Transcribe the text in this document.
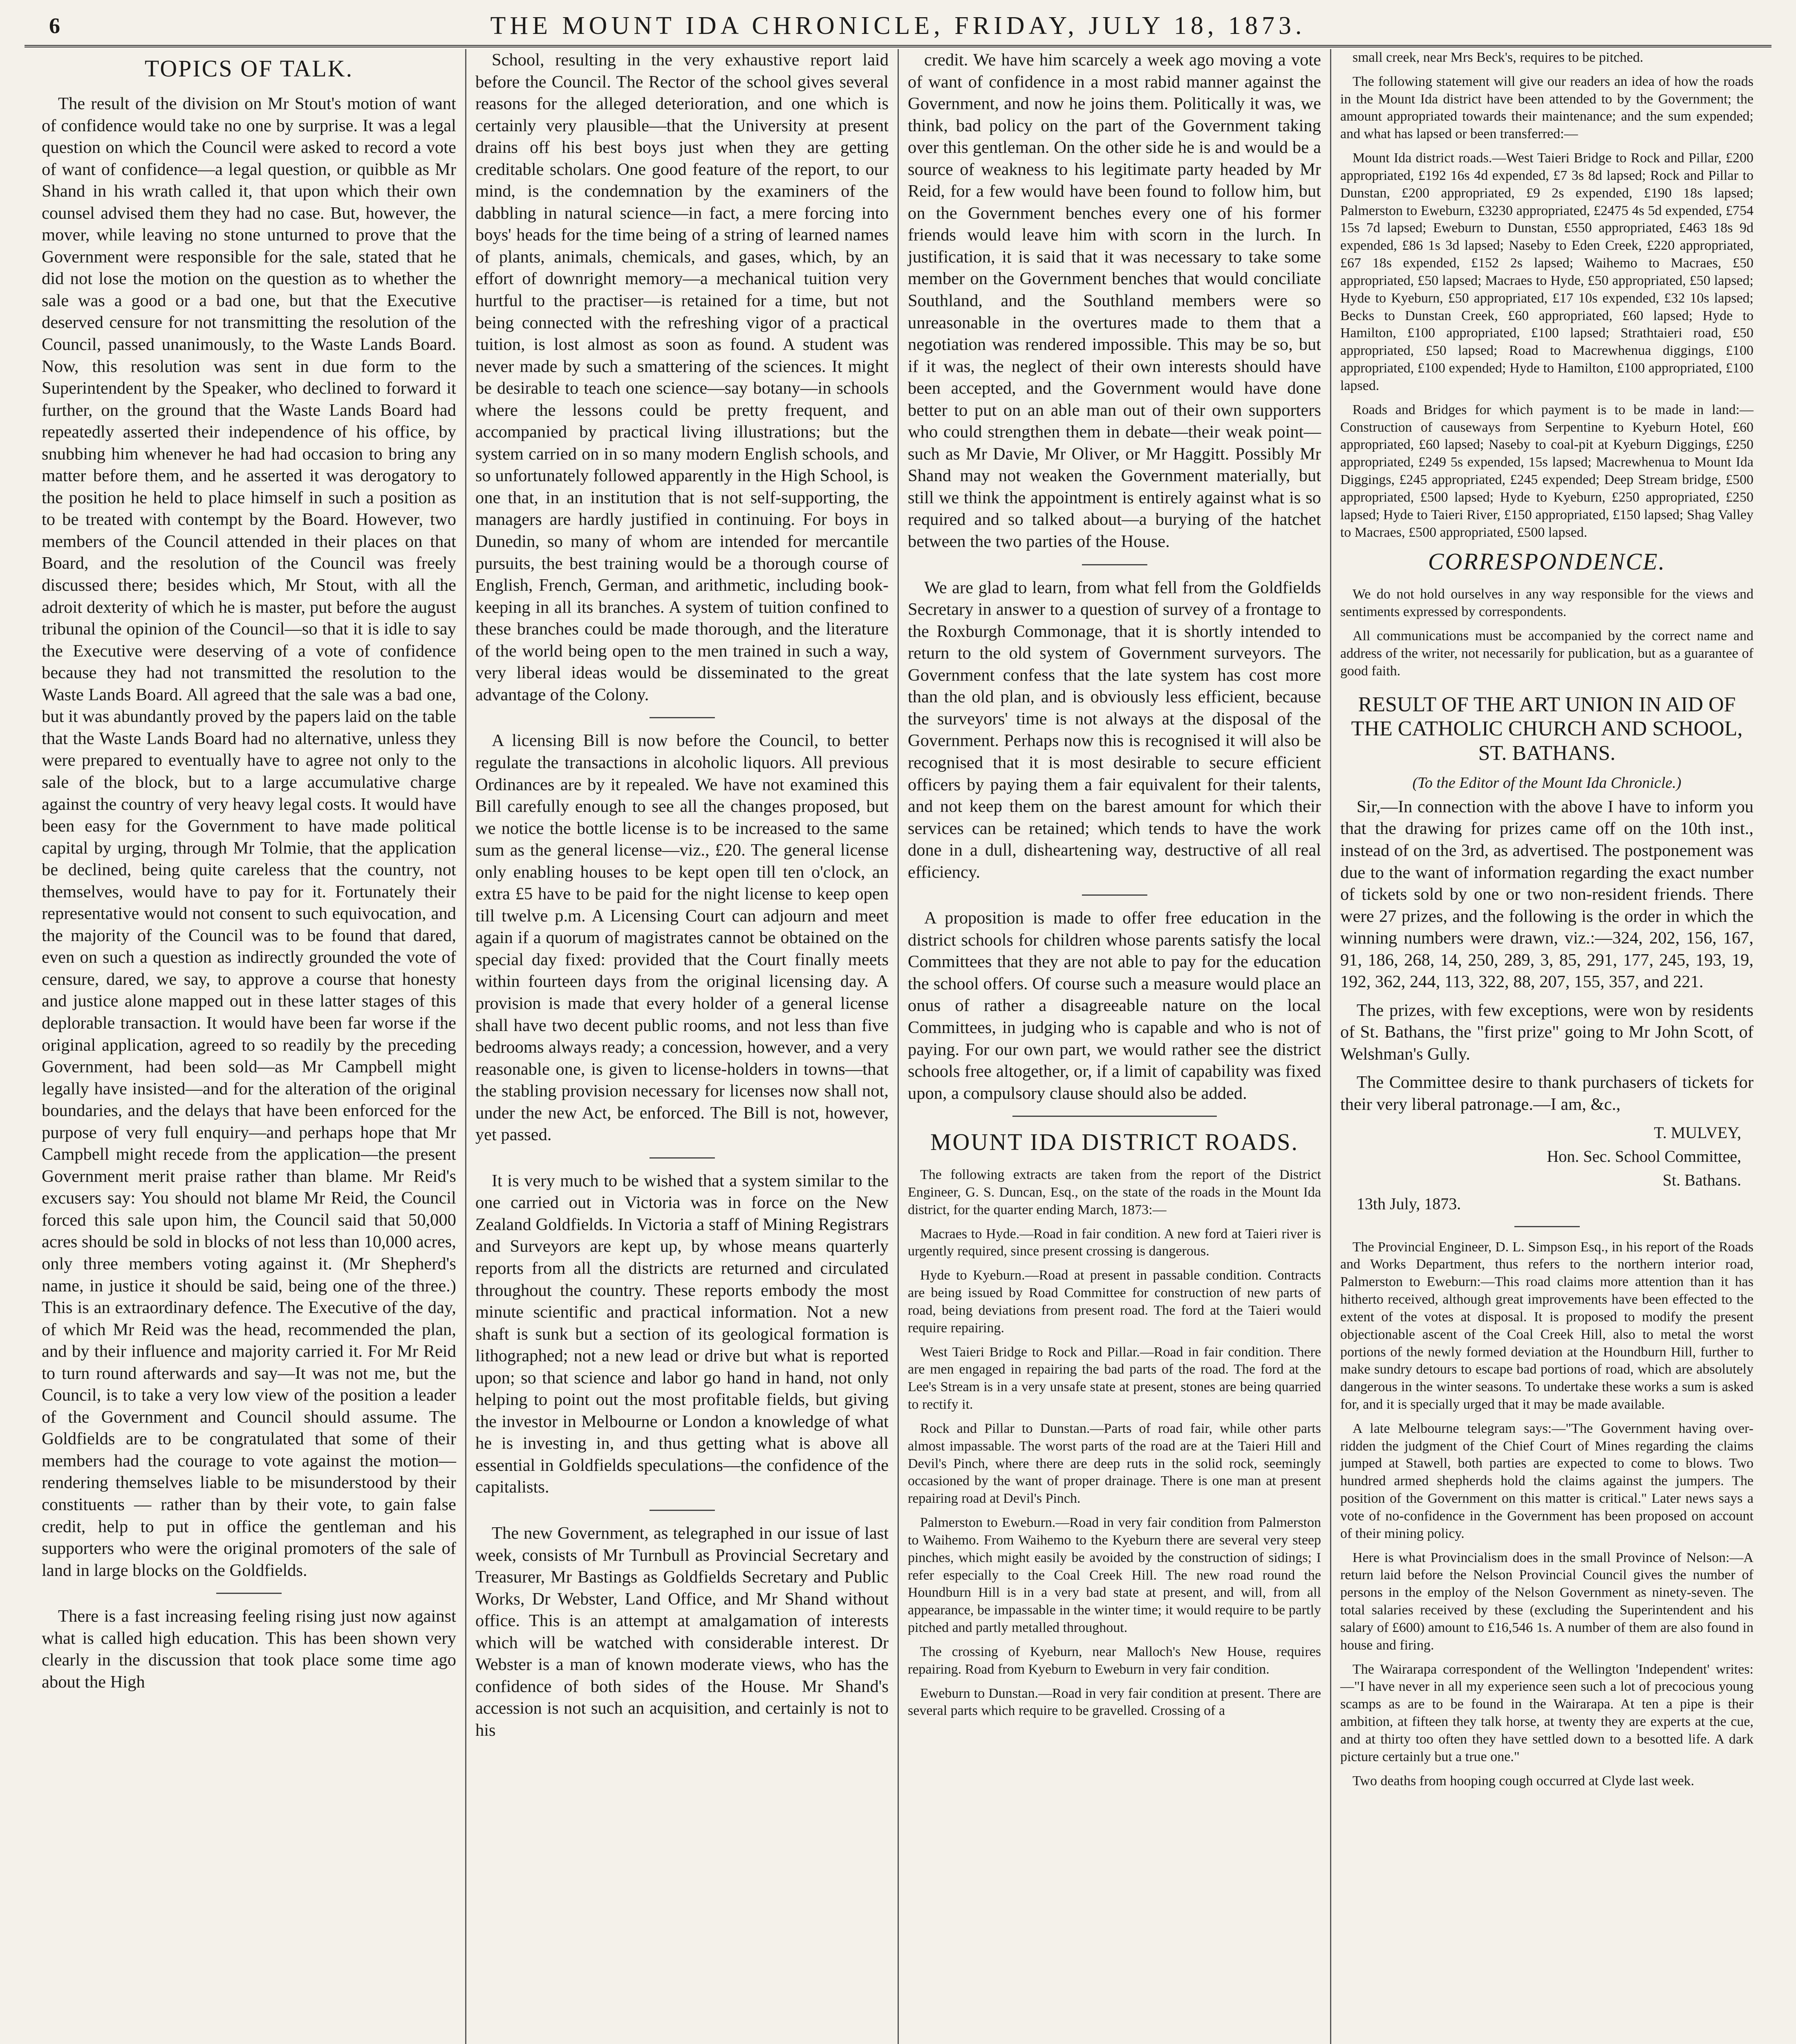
6	THE MOUNT IDA CHRONICLE, FRIDAY, JULY 18, 1873.
TOPICS OF TALK.

The result of the division on Mr Stout's motion of want of confidence would take no one by surprise. It was a legal question on which the Council were asked to record a vote of want of confidence—a legal question, or quibble as Mr Shand in his wrath called it, that upon which their own counsel advised them they had no case. But, however, the mover, while leaving no stone unturned to prove that the Government were responsible for the sale, stated that he did not lose the motion on the question as to whether the sale was a good or a bad one, but that the Executive deserved censure for not transmitting the resolution of the Council, passed unanimously, to the Waste Lands Board. Now, this resolution was sent in due form to the Superintendent by the Speaker, who declined to forward it further, on the ground that the Waste Lands Board had repeatedly asserted their independence of his office, by snubbing him whenever he had had occasion to bring any matter before them, and he asserted it was derogatory to the position he held to place himself in such a position as to be treated with contempt by the Board. However, two members of the Council attended in their places on that Board, and the resolution of the Council was freely discussed there; besides which, Mr Stout, with all the adroit dexterity of which he is master, put before the august tribunal the opinion of the Council—so that it is idle to say the Executive were deserving of a vote of confidence because they had not transmitted the resolution to the Waste Lands Board. All agreed that the sale was a bad one, but it was abundantly proved by the papers laid on the table that the Waste Lands Board had no alternative, unless they were prepared to eventually have to agree not only to the sale of the block, but to a large accumulative charge against the country of very heavy legal costs. It would have been easy for the Government to have made political capital by urging, through Mr Tolmie, that the application be declined, being quite careless that the country, not themselves, would have to pay for it. Fortunately their representative would not consent to such equivocation, and the majority of the Council was to be found that dared, even on such a question as indirectly grounded the vote of censure, dared, we say, to approve a course that honesty and justice alone mapped out in these latter stages of this deplorable transaction. It would have been far worse if the original application, agreed to so readily by the preceding Government, had been sold—as Mr Campbell might legally have insisted—and for the alteration of the original boundaries, and the delays that have been enforced for the purpose of very full enquiry—and perhaps hope that Mr Campbell might recede from the application—the present Government merit praise rather than blame. Mr Reid's excusers say: You should not blame Mr Reid, the Council forced this sale upon him, the Council said that 50,000 acres should be sold in blocks of not less than 10,000 acres, only three members voting against it. (Mr Shepherd's name, in justice it should be said, being one of the three.) This is an extraordinary defence. The Executive of the day, of which Mr Reid was the head, recommended the plan, and by their influence and majority carried it. For Mr Reid to turn round afterwards and say—It was not me, but the Council, is to take a very low view of the position a leader of the Government and Council should assume. The Goldfields are to be congratulated that some of their members had the courage to vote against the motion—rendering themselves liable to be misunderstood by their constituents — rather than by their vote, to gain false credit, help to put in office the gentleman and his supporters who were the original promoters of the sale of land in large blocks on the Goldfields.

There is a fast increasing feeling rising just now against what is called high education. This has been shown very clearly in the discussion that took place some time ago about the High

School, resulting in the very exhaustive report laid before the Council. The Rector of the school gives several reasons for the alleged deterioration, and one which is certainly very plausible—that the University at present drains off his best boys just when they are getting creditable scholars. One good feature of the report, to our mind, is the condemnation by the examiners of the dabbling in natural science—in fact, a mere forcing into boys' heads for the time being of a string of learned names of plants, animals, chemicals, and gases, which, by an effort of downright memory—a mechanical tuition very hurtful to the practiser—is retained for a time, but not being connected with the refreshing vigor of a practical tuition, is lost almost as soon as found. A student was never made by such a smattering of the sciences. It might be desirable to teach one science—say botany—in schools where the lessons could be pretty frequent, and accompanied by practical living illustrations; but the system carried on in so many modern English schools, and so unfortunately followed apparently in the High School, is one that, in an institution that is not self-supporting, the managers are hardly justified in continuing. For boys in Dunedin, so many of whom are intended for mercantile pursuits, the best training would be a thorough course of English, French, German, and arithmetic, including book-keeping in all its branches. A system of tuition confined to these branches could be made thorough, and the literature of the world being open to the men trained in such a way, very liberal ideas would be disseminated to the great advantage of the Colony.

A licensing Bill is now before the Council, to better regulate the transactions in alcoholic liquors. All previous Ordinances are by it repealed. We have not examined this Bill carefully enough to see all the changes proposed, but we notice the bottle license is to be increased to the same sum as the general license—viz., £20. The general license only enabling houses to be kept open till ten o'clock, an extra £5 have to be paid for the night license to keep open till twelve p.m. A Licensing Court can adjourn and meet again if a quorum of magistrates cannot be obtained on the special day fixed: provided that the Court finally meets within fourteen days from the original licensing day. A provision is made that every holder of a general license shall have two decent public rooms, and not less than five bedrooms always ready; a concession, however, and a very reasonable one, is given to license-holders in towns—that the stabling provision necessary for licenses now shall not, under the new Act, be enforced. The Bill is not, however, yet passed.

It is very much to be wished that a system similar to the one carried out in Victoria was in force on the New Zealand Goldfields. In Victoria a staff of Mining Registrars and Surveyors are kept up, by whose means quarterly reports from all the districts are returned and circulated throughout the country. These reports embody the most minute scientific and practical information. Not a new shaft is sunk but a section of its geological formation is lithographed; not a new lead or drive but what is reported upon; so that science and labor go hand in hand, not only helping to point out the most profitable fields, but giving the investor in Melbourne or London a knowledge of what he is investing in, and thus getting what is above all essential in Goldfields speculations—the confidence of the capitalists.

The new Government, as telegraphed in our issue of last week, consists of Mr Turnbull as Provincial Secretary and Treasurer, Mr Bastings as Goldfields Secretary and Public Works, Dr Webster, Land Office, and Mr Shand without office. This is an attempt at amalgamation of interests which will be watched with considerable interest. Dr Webster is a man of known moderate views, who has the confidence of both sides of the House. Mr Shand's accession is not such an acquisition, and certainly is not to his

credit. We have him scarcely a week ago moving a vote of want of confidence in a most rabid manner against the Government, and now he joins them. Politically it was, we think, bad policy on the part of the Government taking over this gentleman. On the other side he is and would be a source of weakness to his legitimate party headed by Mr Reid, for a few would have been found to follow him, but on the Government benches every one of his former friends would leave him with scorn in the lurch. In justification, it is said that it was necessary to take some member on the Government benches that would conciliate Southland, and the Southland members were so unreasonable in the overtures made to them that a negotiation was rendered impossible. This may be so, but if it was, the neglect of their own interests should have been accepted, and the Government would have done better to put on an able man out of their own supporters who could strengthen them in debate—their weak point—such as Mr Davie, Mr Oliver, or Mr Haggitt. Possibly Mr Shand may not weaken the Government materially, but still we think the appointment is entirely against what is so required and so talked about—a burying of the hatchet between the two parties of the House.

We are glad to learn, from what fell from the Goldfields Secretary in answer to a question of survey of a frontage to the Roxburgh Commonage, that it is shortly intended to return to the old system of Government surveyors. The Government confess that the late system has cost more than the old plan, and is obviously less efficient, because the surveyors' time is not always at the disposal of the Government. Perhaps now this is recognised it will also be recognised that it is most desirable to secure efficient officers by paying them a fair equivalent for their talents, and not keep them on the barest amount for which their services can be retained; which tends to have the work done in a dull, disheartening way, destructive of all real efficiency.

A proposition is made to offer free education in the district schools for children whose parents satisfy the local Committees that they are not able to pay for the education the school offers. Of course such a measure would place an onus of rather a disagreeable nature on the local Committees, in judging who is capable and who is not of paying. For our own part, we would rather see the district schools free altogether, or, if a limit of capability was fixed upon, a compulsory clause should also be added.

MOUNT IDA DISTRICT ROADS.

The following extracts are taken from the report of the District Engineer, G. S. Duncan, Esq., on the state of the roads in the Mount Ida district, for the quarter ending March, 1873:—

Macraes to Hyde.—Road in fair condition. A new ford at Taieri river is urgently required, since present crossing is dangerous.

Hyde to Kyeburn.—Road at present in passable condition. Contracts are being issued by Road Committee for construction of new parts of road, being deviations from present road. The ford at the Taieri would require repairing.

West Taieri Bridge to Rock and Pillar.—Road in fair condition. There are men engaged in repairing the bad parts of the road. The ford at the Lee's Stream is in a very unsafe state at present, stones are being quarried to rectify it.

Rock and Pillar to Dunstan.—Parts of road fair, while other parts almost impassable. The worst parts of the road are at the Taieri Hill and Devil's Pinch, where there are deep ruts in the solid rock, seemingly occasioned by the want of proper drainage. There is one man at present repairing road at Devil's Pinch.

Palmerston to Eweburn.—Road in very fair condition from Palmerston to Waihemo. From Waihemo to the Kyeburn there are several very steep pinches, which might easily be avoided by the construction of sidings; I refer especially to the Coal Creek Hill. The new road round the Houndburn Hill is in a very bad state at present, and will, from all appearance, be impassable in the winter time; it would require to be partly pitched and partly metalled throughout.

The crossing of Kyeburn, near Malloch's New House, requires repairing. Road from Kyeburn to Eweburn in very fair condition.

Eweburn to Dunstan.—Road in very fair condition at present. There are several parts which require to be gravelled. Crossing of a

small creek, near Mrs Beck's, requires to be pitched.

The following statement will give our readers an idea of how the roads in the Mount Ida district have been attended to by the Government; the amount appropriated towards their maintenance; and the sum expended; and what has lapsed or been transferred:—

Mount Ida district roads.—West Taieri Bridge to Rock and Pillar, £200 appropriated, £192 16s 4d expended, £7 3s 8d lapsed; Rock and Pillar to Dunstan, £200 appropriated, £9 2s expended, £190 18s lapsed; Palmerston to Eweburn, £3230 appropriated, £2475 4s 5d expended, £754 15s 7d lapsed; Eweburn to Dunstan, £550 appropriated, £463 18s 9d expended, £86 1s 3d lapsed; Naseby to Eden Creek, £220 appropriated, £67 18s expended, £152 2s lapsed; Waihemo to Macraes, £50 appropriated, £50 lapsed; Macraes to Hyde, £50 appropriated, £50 lapsed; Hyde to Kyeburn, £50 appropriated, £17 10s expended, £32 10s lapsed; Becks to Dunstan Creek, £60 appropriated, £60 lapsed; Hyde to Hamilton, £100 appropriated, £100 lapsed; Strathtaieri road, £50 appropriated, £50 lapsed; Road to Macrewhenua diggings, £100 appropriated, £100 expended; Hyde to Hamilton, £100 appropriated, £100 lapsed.

Roads and Bridges for which payment is to be made in land:—Construction of causeways from Serpentine to Kyeburn Hotel, £60 appropriated, £60 lapsed; Naseby to coal-pit at Kyeburn Diggings, £250 appropriated, £249 5s expended, 15s lapsed; Macrewhenua to Mount Ida Diggings, £245 appropriated, £245 expended; Deep Stream bridge, £500 appropriated, £500 lapsed; Hyde to Kyeburn, £250 appropriated, £250 lapsed; Hyde to Taieri River, £150 appropriated, £150 lapsed; Shag Valley to Macraes, £500 appropriated, £500 lapsed.

CORRESPONDENCE.

We do not hold ourselves in any way responsible for the views and sentiments expressed by correspondents.

All communications must be accompanied by the correct name and address of the writer, not necessarily for publication, but as a guarantee of good faith.

RESULT OF THE ART UNION IN AID OF THE CATHOLIC CHURCH AND SCHOOL, ST. BATHANS.
(To the Editor of the Mount Ida Chronicle.)

Sir,—In connection with the above I have to inform you that the drawing for prizes came off on the 10th inst., instead of on the 3rd, as advertised. The postponement was due to the want of information regarding the exact number of tickets sold by one or two non-resident friends. There were 27 prizes, and the following is the order in which the winning numbers were drawn, viz.:—324, 202, 156, 167, 91, 186, 268, 14, 250, 289, 3, 85, 291, 177, 245, 193, 19, 192, 362, 244, 113, 322, 88, 207, 155, 357, and 221.

The prizes, with few exceptions, were won by residents of St. Bathans, the "first prize" going to Mr John Scott, of Welshman's Gully.

The Committee desire to thank purchasers of tickets for their very liberal patronage.—I am, &c.,

T. MULVEY,
Hon. Sec. School Committee,
St. Bathans.
13th July, 1873.

The Provincial Engineer, D. L. Simpson Esq., in his report of the Roads and Works Department, thus refers to the northern interior road, Palmerston to Eweburn:—This road claims more attention than it has hitherto received, although great improvements have been effected to the extent of the votes at disposal. It is proposed to modify the present objectionable ascent of the Coal Creek Hill, also to metal the worst portions of the newly formed deviation at the Houndburn Hill, further to make sundry detours to escape bad portions of road, which are absolutely dangerous in the winter seasons. To undertake these works a sum is asked for, and it is specially urged that it may be made available.

A late Melbourne telegram says:—"The Government having over-ridden the judgment of the Chief Court of Mines regarding the claims jumped at Stawell, both parties are expected to come to blows. Two hundred armed shepherds hold the claims against the jumpers. The position of the Government on this matter is critical." Later news says a vote of no-confidence in the Government has been proposed on account of their mining policy.

Here is what Provincialism does in the small Province of Nelson:—A return laid before the Nelson Provincial Council gives the number of persons in the employ of the Nelson Government as ninety-seven. The total salaries received by these (excluding the Superintendent and his salary of £600) amount to £16,546 1s. A number of them are also found in house and firing.

The Wairarapa correspondent of the Wellington 'Independent' writes:—"I have never in all my experience seen such a lot of precocious young scamps as are to be found in the Wairarapa. At ten a pipe is their ambition, at fifteen they talk horse, at twenty they are experts at the cue, and at thirty too often they have settled down to a besotted life. A dark picture certainly but a true one."

Two deaths from hooping cough occurred at Clyde last week.
